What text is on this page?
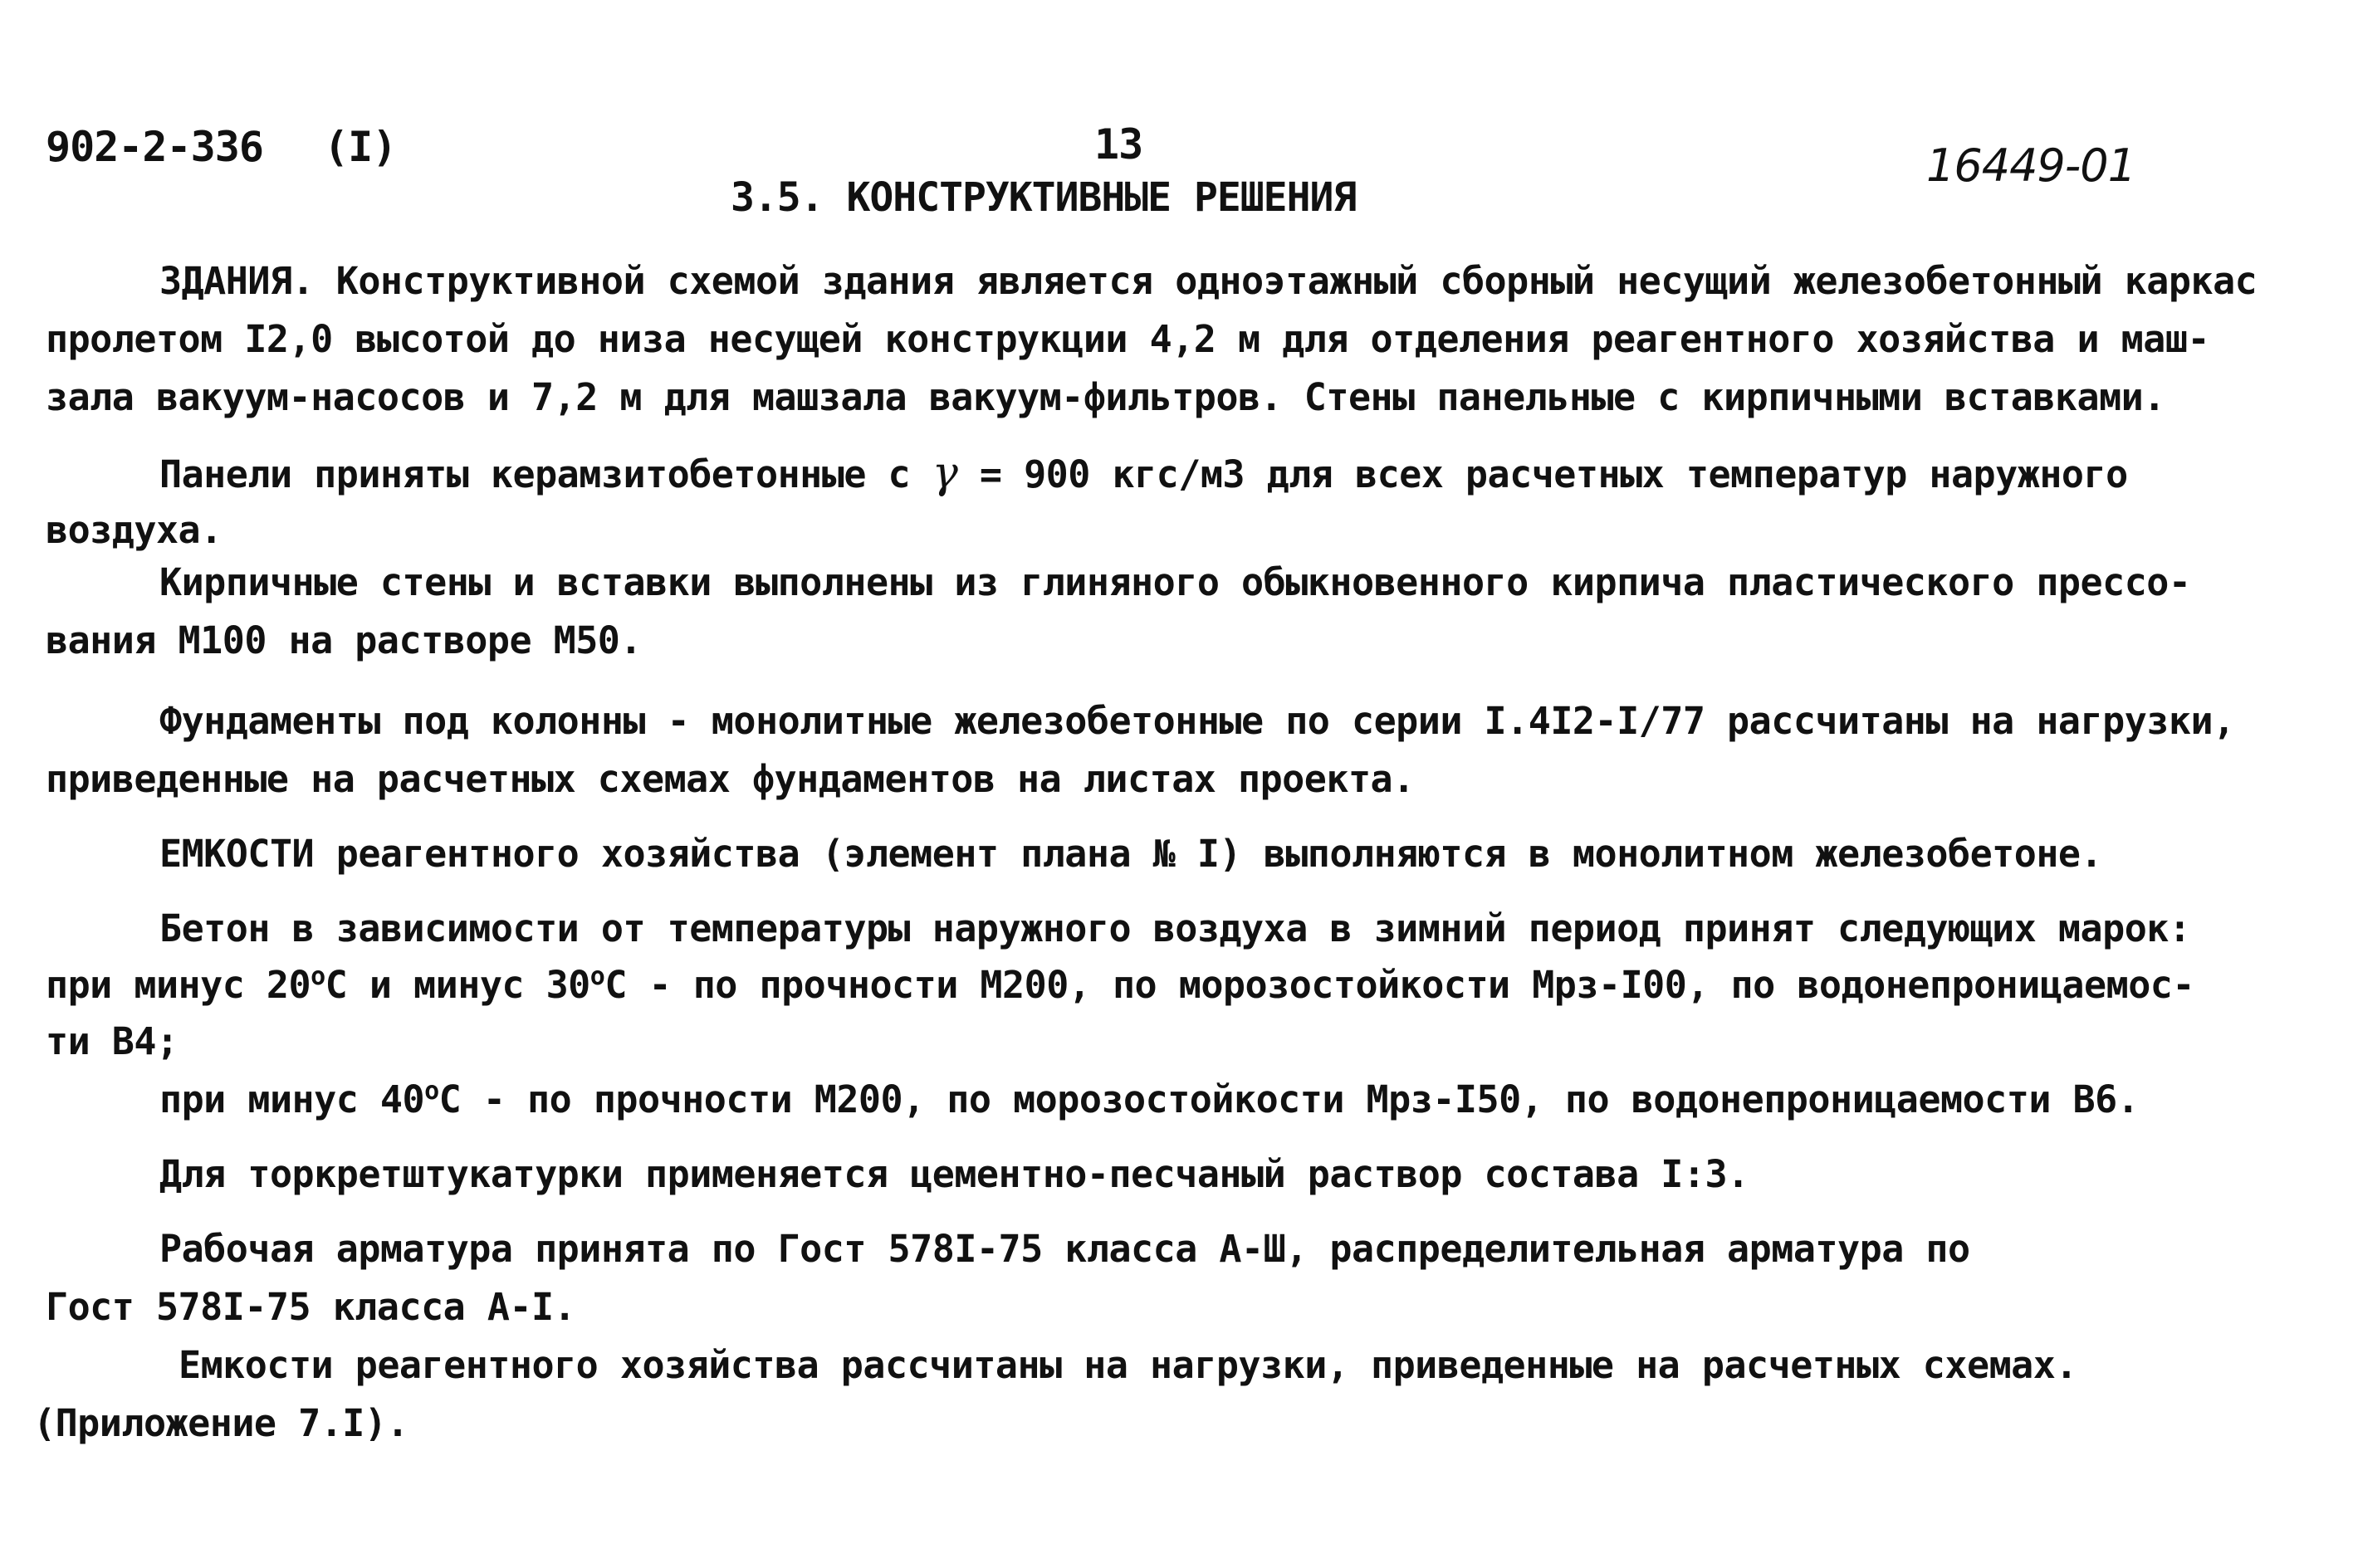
902-2-336 (I)	13	16449-01
3.5. КОНСТРУКТИВНЫЕ РЕШЕНИЯ
ЗДАНИЯ. Конструктивной схемой здания является одноэтажный сборный несущий железобетонный каркас
пролетом I2,0 высотой до низа несущей конструкции 4,2 м для отделения реагентного хозяйства и маш-
зала вакуум-насосов и 7,2 м для машзала вакуум-фильтров. Стены панельные с кирпичными вставками.
Панели приняты керамзитобетонные с γ = 900 кгс/м3 для всех расчетных температур наружного
воздуха.
Кирпичные стены и вставки выполнены из глиняного обыкновенного кирпича пластического прессо-
вания М100 на растворе М50.
Фундаменты под колонны - монолитные железобетонные по серии I.4I2-I/77 рассчитаны на нагрузки,
приведенные на расчетных схемах фундаментов на листах проекта.
ЕМКОСТИ реагентного хозяйства (элемент плана № I) выполняются в монолитном железобетоне.
Бетон в зависимости от температуры наружного воздуха в зимний период принят следующих марок:
при минус 20$^o$С и минус 30$^o$С - по прочности М200, по морозостойкости Мрз-I00, по водонепроницаемос-
ти В4;
при минус 40$^o$С - по прочности М200, по морозостойкости Мрз-I50, по водонепроницаемости В6.
Для торкретштукатурки применяется цементно-песчаный раствор состава I:3.
Рабочая арматура принята по Гост 578I-75 класса А-Ш, распределительная арматура по
Гост 578I-75 класса А-I.
Емкости реагентного хозяйства рассчитаны на нагрузки, приведенные на расчетных схемах.
(Приложение 7.I).
